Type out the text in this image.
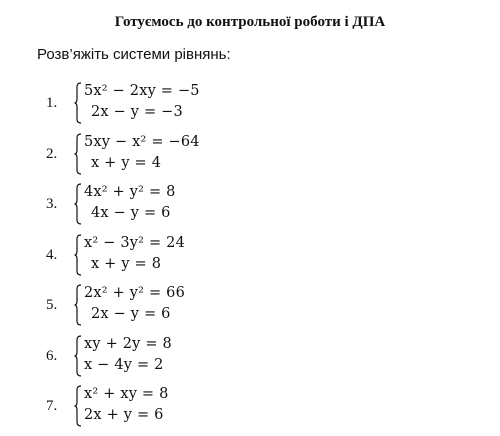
Готуємось до контрольної роботи і ДПА

Розв’яжіть системи рівнянь:

1.
5x² − 2xy = −5
2x − y = −3
2.
5xy − x² = −64
x + y = 4
3.
4x² + y² = 8
4x − y = 6
4.
x² − 3y² = 24
x + y = 8
5.
2x² + y² = 66
2x − y = 6
6.
xy + 2y = 8
x − 4y = 2
7.
x² + xy = 8
2x + y = 6
